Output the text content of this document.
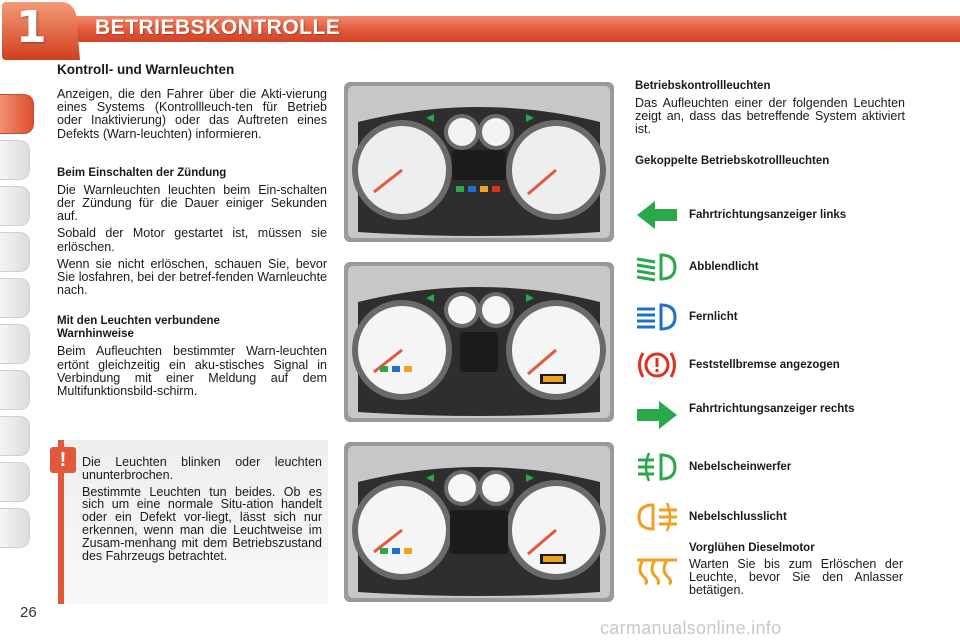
1 BETRIEBSKONTROLLE
Kontroll- und Warnleuchten

Anzeigen, die den Fahrer über die Akti-vierung eines Systems (Kontrollleuch-ten für Betrieb oder Inaktivierung) oder das Auftreten eines Defekts (Warn-leuchten) informieren.

Beim Einschalten der Zündung

Die Warnleuchten leuchten beim Ein-schalten der Zündung für die Dauer einiger Sekunden auf.

Sobald der Motor gestartet ist, müssen sie erlöschen.

Wenn sie nicht erlöschen, schauen Sie, bevor Sie losfahren, bei der betref-fenden Warnleuchte nach.

Mit den Leuchten verbundene Warnhinweise

Beim Aufleuchten bestimmter Warn-leuchten ertönt gleichzeitig ein aku-stisches Signal in Verbindung mit einer Meldung auf dem Multifunktionsbild-schirm.

Die Leuchten blinken oder leuchten ununterbrochen.

Bestimmte Leuchten tun beides. Ob es sich um eine normale Situ-ation handelt oder ein Defekt vor-liegt, lässt sich nur erkennen, wenn man die Leuchtweise im Zusam-menhang mit dem Betriebszustand des Fahrzeugs betrachtet.

!
Betriebskontrollleuchten

Das Aufleuchten einer der folgenden Leuchten zeigt an, dass das betreffende System aktiviert ist.

Gekoppelte Betriebskotrollleuchten
Fahrtrichtungsanzeiger links
Abblendlicht
Fernlicht
Feststellbremse angezogen
Fahrtrichtungsanzeiger rechts
Nebelscheinwerfer
Nebelschlusslicht
Vorglühen Dieselmotor

Warten Sie bis zum Erlöschen der Leuchte, bevor Sie den Anlasser betätigen.

26
carmanualsonline.info
